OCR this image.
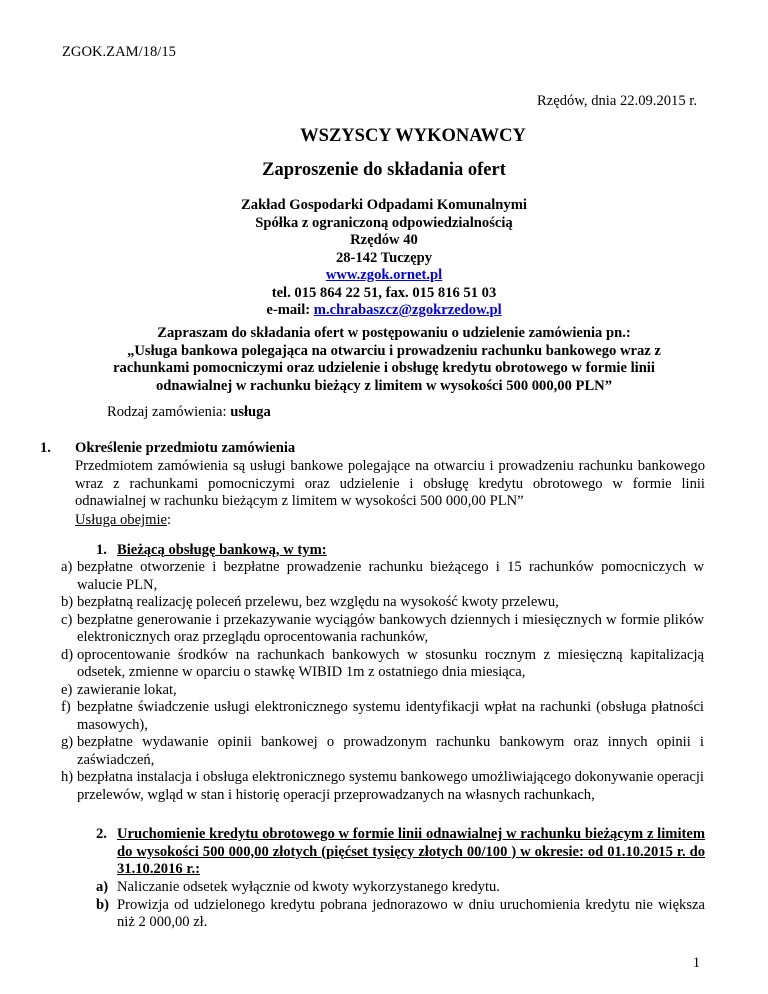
ZGOK.ZAM/18/15
Rzędów, dnia 22.09.2015 r.
WSZYSCY WYKONAWCY
Zaproszenie do składania ofert
Zakład Gospodarki Odpadami Komunalnymi
Spółka z ograniczoną odpowiedzialnością
Rzędów 40
28-142 Tuczępy
www.zgok.ornet.pl
tel. 015 864 22 51, fax. 015 816 51 03
e-mail: m.chrabaszcz@zgokrzedow.pl
Zapraszam do składania ofert w postępowaniu o udzielenie zamówienia pn.:
„Usługa bankowa polegająca na otwarciu i prowadzeniu rachunku bankowego wraz z
rachunkami pomocniczymi oraz udzielenie i obsługę kredytu obrotowego w formie linii
odnawialnej w rachunku bieżący z limitem w wysokości 500 000,00 PLN”
Rodzaj zamówienia: usługa
1. Określenie przedmiotu zamówienia
Przedmiotem zamówienia są usługi bankowe polegające na otwarciu i prowadzeniu rachunku bankowego wraz z rachunkami pomocniczymi oraz udzielenie i obsługę kredytu obrotowego w formie linii odnawialnej w rachunku bieżącym z limitem w wysokości 500 000,00 PLN”
Usługa obejmie:
1. Bieżącą obsługę bankową, w tym:
a) bezpłatne otworzenie i bezpłatne prowadzenie rachunku bieżącego i 15 rachunków pomocniczych w walucie PLN,
b) bezpłatną realizację poleceń przelewu, bez względu na wysokość kwoty przelewu,
c) bezpłatne generowanie i przekazywanie wyciągów bankowych dziennych i miesięcznych w formie plików elektronicznych oraz przeglądu oprocentowania rachunków,
d) oprocentowanie środków na rachunkach bankowych w stosunku rocznym z miesięczną kapitalizacją odsetek, zmienne w oparciu o stawkę WIBID 1m z ostatniego dnia miesiąca,
e) zawieranie lokat,
f) bezpłatne świadczenie usługi elektronicznego systemu identyfikacji wpłat na rachunki (obsługa płatności masowych),
g) bezpłatne wydawanie opinii bankowej o prowadzonym rachunku bankowym oraz innych opinii i zaświadczeń,
h) bezpłatna instalacja i obsługa elektronicznego systemu bankowego umożliwiającego dokonywanie operacji przelewów, wgląd w stan i historię operacji przeprowadzanych na własnych rachunkach,
2. Uruchomienie kredytu obrotowego w formie linii odnawialnej w rachunku bieżącym z limitem do wysokości 500 000,00 złotych (pięćset tysięcy złotych 00/100 ) w okresie: od 01.10.2015 r. do 31.10.2016 r.:
a) Naliczanie odsetek wyłącznie od kwoty wykorzystanego kredytu.
b) Prowizja od udzielonego kredytu pobrana jednorazowo w dniu uruchomienia kredytu nie większa niż 2 000,00 zł.
1
